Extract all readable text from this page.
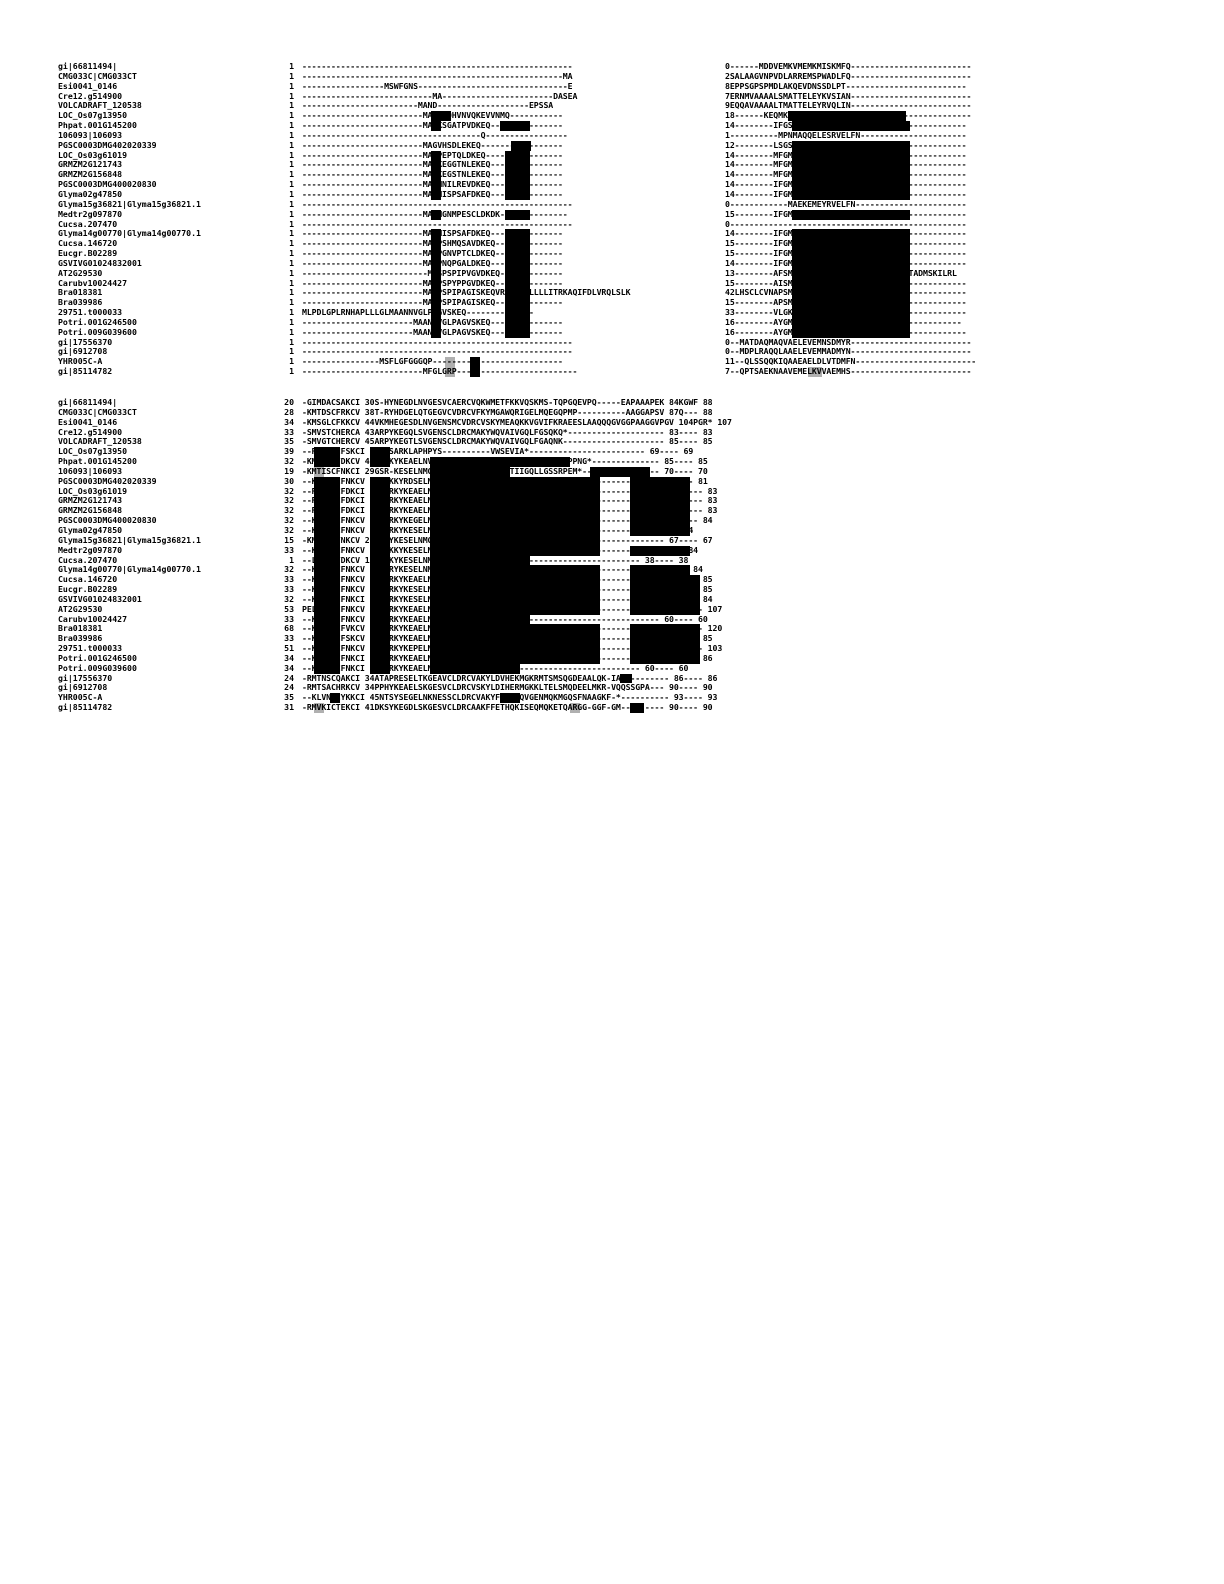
gi|66811494|	1 --------------------------------------------------------	0------MDDVEMKVMEMKMISKMFQ-------------------------
CMG033C|CMG033CT	1 ------------------------------------------------------MA	2SALAAGVNPVDLARREMSPWADLFQ-------------------------
Esi0041_0146	1 -----------------MSWFGNS-------------------------------E	8EPPSGPSPMDLAKQEVDNSSDLPT-------------------------
Cre12.g514900	1 ---------------------------MA-----------------------DASEA	7ERNMVAAAALSMATTELEYKVSIAN-------------------------
VOLCADRAFT_120538	1 ------------------------MAND-------------------EPSSA	9EQQAVAAAALTMATTELEYRVQLIN-------------------------
LOC_Os07g13950	1 -------------------------MASKEQHVNVQKEVVNMQ-----------	18------KEQMKGLAEKEMEYRVELFN-----------------------
Phpat.001G145200	1 -------------------------MAGKSGATPVDKEQ---------------	14--------IFGSAQGEMEYRVELFN-----------------------
106093|106093	1 -------------------------------------Q-----------------	1----------MPNMAQQELESRVELFN----------------------
PGSC0003DMG402020339	1 -------------------------MAGVHSDLEKEQ-----------------	12--------LSGSAEKEMEYRVEPFN-----------------------
LOC_Os03g61019	1 -------------------------MAKPEPTQLDKEQ----------------	14--------MFGMAEKEMEYRVELFN-----------------------
GRMZM2G121743	1 -------------------------MAGKEGGTNLEKEQ---------------	14--------MFGMAEKEMEYRVELFN-----------------------
GRMZM2G156848	1 -------------------------MAGKEGSTNLEKEQ---------------	14--------MFGMAEKEMEYRVELFN-----------------------
PGSC0003DMG400020830	1 -------------------------MAANNILREVDKEQ---------------	14--------IFGMAEKEMEYRVEPFN-----------------------
Glyma02g47850	1 -------------------------MASNISPSAFDKEQ---------------	14--------IFGMAEKEMEYRVELFN-----------------------
Glyma15g36821|Glyma15g36821.1	1 --------------------------------------------------------	0------------MAEKEMEYRVELFN-----------------------
Medtr2g097870	1 -------------------------MAMNGNMPESCLDKDK--------------	15--------IFGMAEKEMEYRVELFN-----------------------
Cucsa.207470	1 --------------------------------------------------------	0-------------------------------------------------
Glyma14g00770|Glyma14g00770.1	1 -------------------------MASNISPSAFDKEQ---------------	14--------IFGMAEKEMEYRVELFN-----------------------
Cucsa.146720	1 -------------------------MASPSHMQSAVDKEQ--------------	15--------IFGMAEKEMEYRVELFN-----------------------
Eucgr.B02289	1 -------------------------MAAPGNVPTCLDKEQ--------------	15--------IFGMAEKEMEYRVELFN-----------------------
GSVIVG01024832001	1 -------------------------MAAPNQPGALDKEQ---------------	14--------IFGMAEKEMEYRVELFN-----------------------
AT2G29530	1 --------------------------MASPSPIPVGVDKEQ-------------	13--------AFSMAQTEMEYRVELFNDIYKLEEYKFETADMSKILRL
Carubv10024427	1 -------------------------MASPSPYPPGVDKEQ--------------	15--------AISMAQMEMEYRVELFN-----------------------
Bra018381	1 -------------------------MAAPSPIPAGISKEQVRIPYLLLLLLITRKAQIFDLVRQLSLK	42LHSCLCVNAPSMAQTEMEYRVELFN-----------------------
Bra039986	1 -------------------------MATPSPIPAGISKEQ--------------	15--------APSMAQTEMEYRVELFN-----------------------
29751.t000033	1 MLPDLGPLRNHAPLLLGLMAANNVGLPAGVSKEQ--------------	33--------VLGKLGMEMEYRVELFN-----------------------
Potri.001G246500	1 -----------------------MAANNVGLPAGVSKEQ---------------	16--------AYGMATEMEYRVELFN-----------------------
Potri.009G039600	1 -----------------------MAANNVGLPAGVSKEQ---------------	16--------AYGMAPTEMEYRVELFN-----------------------
gi|17556370	1 --------------------------------------------------------	0--MATDAQMAQVAELEVEMNSDMYR-------------------------
gi|6912708	1 --------------------------------------------------------	0--MDPLRAQQLAAELEVEMMADMYN-------------------------
YHR005C-A	1 ----------------MSFLGFGGGQP---------------------------	11--QLSSQQKIQAAEAELDLVTDMFN-------------------------
gi|85114782	1 -------------------------MFGLGRP-------------------------	7--QPTSAEKNAAVEMELKVVAEMHS-------------------------
gi|66811494|	20 -GIMDACSAKCI 30S-HYNEGDLNVGESVCAERCVQKWMETFKKVQSKMS-TQPGQEVPQ-----EAPAAAPEK 84KGWF 88
CMG033C|CMG033CT	28 -KMTDSCFRKCV 38T-RYHDGELQTGEGVCVDRCVFKYMGAWQRIGELMQEGQPMP----------AAGGAPSV 87Q--- 88
Esi0041_0146	34 -KMSGLCFKKCV 44VKMHEGESDLNVGENSMCVDRCVSKYMEAQKKVGVIFKRAEESLAAQQQGVGGPAAGGVPGV 104PGR* 107
Cre12.g514900	33 -SMVSTCHERCA 43ARPYKEGQLSVGENSCLDRCMAKYWQVAIVGQLFGSQKQ*-------------------- 83---- 83
VOLCADRAFT_120538	35 -SMVGTCHERCV 45ARPYKEGTLSVGENSCLDRCMAKYWQVAIVGQLFGAQNK--------------------- 85---- 85
LOC_Os07g13950	39 --RLVQTCFSKCI 49EMSARKLAPHPYS----------VWSEVIA*------------------------ 69---- 69
Phpat.001G145200	32 -KMTQTCFDKCV 42EKRKYKEAELNVGENSCIDRCVAKYWQVNGIVGQMLGSSHPPNG*-------------- 85---- 85
106093|106093	19 -KMTISCFNKCI 29GSR-KESELNMGENSCIDRCTAKYYQVNTIIGQLLGSSRPEM*---------------- 70---- 70
PGSC0003DMG402020339	30 --KLTHTCFNKCV 40ENKKYRDSELNMGENSCIDRCVSKYWQVTNLVGQLLGNTRPM*--------------- 81---- 81
LOC_Os03g61019	32 --RLTQTCFDKCI 42EKRKYKEAELNMGENSCIDRCVSKYWQVTNLVGQMLGNR-PQM*---------------- 83---- 83
GRMZM2G121743	32 --RLTQTCFDKCI 42EKRKYKEAELNMGENSCIDRCVSKYWQVTNLVGQMLGNQ-PQM*---------------- 83---- 83
GRMZM2G156848	32 --RLTQTCFDKCI 42EKRKYKEAELNMGENSCIDRCVSKYWQVTNLVGQMLGNR-PQM*---------------- 83---- 83
PGSC0003DMG400020830	32 --KLTHTCFNKCV 42EKRKYKEGELNMGENSCIDRCVSKYWQVTNIIGQMLSNGRPPM*--------------- 84---- 84
Glyma02g47850	32 --KMTQTCFNKCV 42DKRKYKESELNMGENSCIDRCVSKYWHVTNLVGRLIGSLALAN*----------- 84---- 84
Glyma15g36821|Glyma15g36821.1	15 -KMTQTCFNKCV 25DNRYKESELNMGENSCIDRCASKYWHVKCVFSLLNDIHSLALF*---------------- 67---- 67
Medtr2g097870	33 --KMTKSCFNKCV 43DNKKYKESELNMGENTCIDRCVSKYWHVTNLIGQLLGNGKQ*-------------- 84---- 84
Cucsa.207470	1 --LTQSCFDKCV 10DKRKYKESELNMCKNSCIDRCVSKYWHVS*------------------------- 38---- 38
Glyma14g00770|Glyma14g00770.1	32 --KMTQTCFNKCV 42DNRYKESELNMGENSCIDRCVSKYWHVTNLVGQLLGSGRSHM*-------------- 84---- 84
Cucsa.146720	33 --KLTQSCFNKCV 43DKRKYKEAELNMGENSCIDRCVSKYWHVTNLIGQLLGSGRPPM*--------------- 85---- 85
Eucgr.B02289	33 --KLTHTCFNKCV 43DKRKYKESELNMGENSCIDRCVSKYWQVSNIIGQLLGSGRPPN*--------------- 85---- 85
GSVIVG01024832001	32 --KLTHTCFNKCI 42EKRKYKESELNMGENSCIDRCVSKYWQVTNIVGQLLGSNRPPM*--------------- 84---- 84
AT2G29530	53 PELLAQTCFNKCV 65DKRKYKEAELNMGENSCIDRCVSKYWQVNGMVGQLLSAGRPPV*--------------- 107---- 107
Carubv10024427	33 --KMAQTCFNKCV 45DKRKYKEAELNMGENSCI---------------------------------------- 60---- 60
Bra018381	68 --KLAQTCFVKCV 78DKRKYKEAELNMGENSCIDRCVSKYWQVNGMVGQMLSAGRPPQ*--------------- 120---- 120
Bra039986	33 --KLAQTCFSKCV 45DKRKYKEAELNMGENSCIDRCVSKYWQVNGMVGQMLSAGRPPN*--------------- 85---- 85
29751.t000033	51 --KLAQTCFNKCV 61DKRKYKEPELNMGENSCIDRCVSKYFHVNGIIGQALSAGRPPN*--------------- 103---- 103
Potri.001G246500	34 --KLTHTCFNKCI 44DKRKYKEAELNMGENSCVDRCVSKYWHVNGIIGQLLSAGRPPN*--------------- 86---- 86
Potri.009G039600	34 --KLTHTCFNKCI 44DKRKYKEAELNMGENS-------------------------------------- 60---- 60
gi|17556370	24 -RMTNSCQAKCI 34ATAPRESELTKGEAVCLDRCVAKYLDVHEKMGKRMTSMSQGDEAALQK-IAQQ-------- 86---- 86
gi|6912708	24 -RMTSACHRKCV 34PPHYKEAELSKGESVCLDRCVSKYLDIHERMGKKLTELSMQDEELMKR-VQQSSGPA--- 90---- 90
YHR005C-A	35 --KLVNNCYKKCI 45NTSYSEGELNKNESSCLDRCVAKYFETNVQVGENMQKMGQSFNAAGKF-*---------- 93---- 93
gi|85114782	31 -RMVKICTEKCI 41DKSYKEGDLSKGESVCLDRCAAKFFETHQKISEQMQKETQARGG-GGF-GM--------- 90---- 90
